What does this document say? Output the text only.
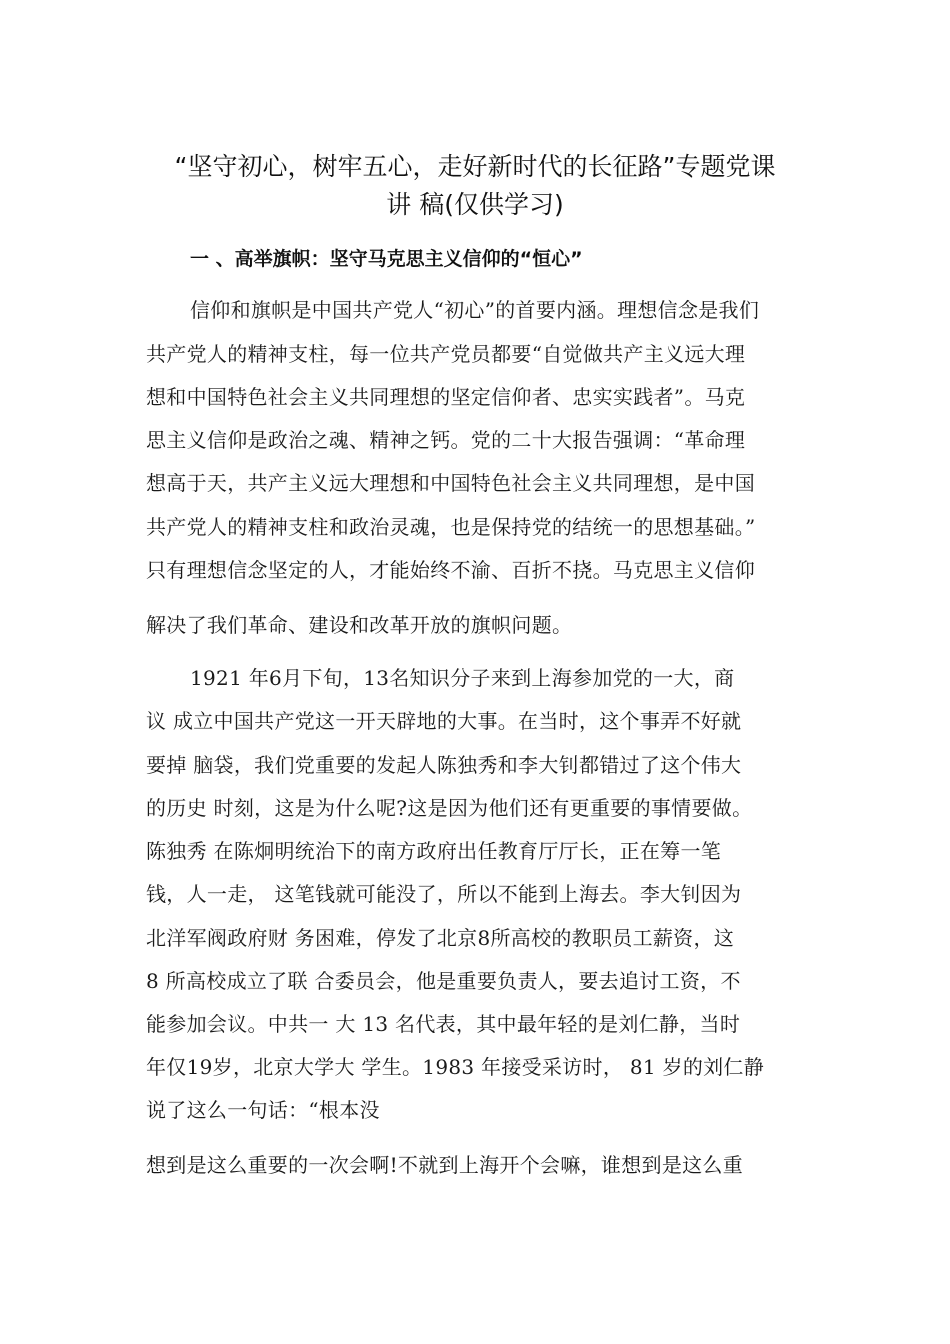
“坚守初心，树牢五心，走好新时代的长征路”专题党课
讲 稿(仅供学习)
一 、高举旗帜：坚守马克思主义信仰的“恒心”
信仰和旗帜是中国共产党人“初心”的首要内涵。理想信念是我们
共产党人的精神支柱，每一位共产党员都要“自觉做共产主义远大理
想和中国特色社会主义共同理想的坚定信仰者、忠实实践者”。马克
思主义信仰是政治之魂、精神之钙。党的二十大报告强调：“革命理
想高于天，共产主义远大理想和中国特色社会主义共同理想，是中国
共产党人的精神支柱和政治灵魂，也是保持党的结统一的思想基础。”
只有理想信念坚定的人，才能始终不渝、百折不挠。马克思主义信仰
解决了我们革命、建设和改革开放的旗帜问题。
1921 年6月下旬，13名知识分子来到上海参加党的一大，商
议 成立中国共产党这一开天辟地的大事。在当时，这个事弄不好就
要掉 脑袋，我们党重要的发起人陈独秀和李大钊都错过了这个伟大
的历史 时刻，这是为什么呢?这是因为他们还有更重要的事情要做。
陈独秀 在陈炯明统治下的南方政府出任教育厅厅长，正在筹一笔
钱，人一走， 这笔钱就可能没了，所以不能到上海去。李大钊因为
北洋军阀政府财 务困难，停发了北京8所高校的教职员工薪资，这
8 所高校成立了联 合委员会，他是重要负责人，要去追讨工资，不
能参加会议。中共一 大 13 名代表，其中最年轻的是刘仁静，当时
年仅19岁，北京大学大 学生。1983 年接受采访时， 81 岁的刘仁静
说了这么一句话：“根本没
想到是这么重要的一次会啊!不就到上海开个会嘛，谁想到是这么重
